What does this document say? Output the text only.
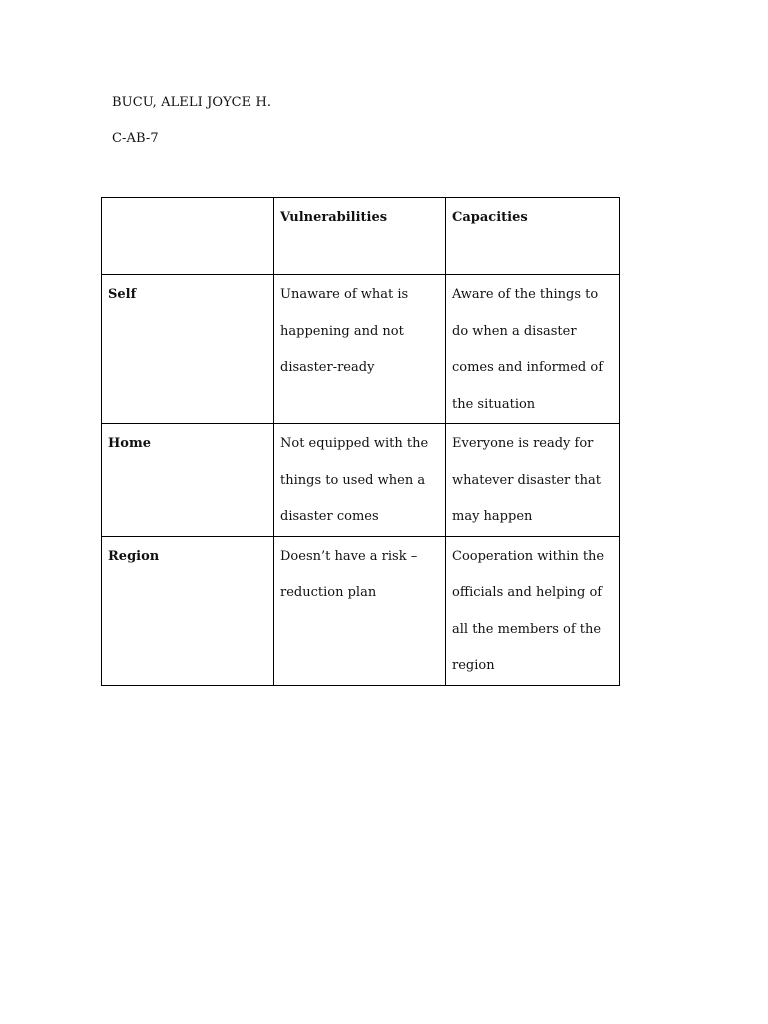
BUCU, ALELI JOYCE H.
C-AB-7
	Vulnerabilities	Capacities
Self	Unaware of what is happening and not disaster-ready	Aware of the things to do when a disaster comes and informed of the situation
Home	Not equipped with the things to used when a disaster comes	Everyone is ready for whatever disaster that may happen
Region	Doesn’t have a risk – reduction plan	Cooperation within the officials and helping of all the members of the region
